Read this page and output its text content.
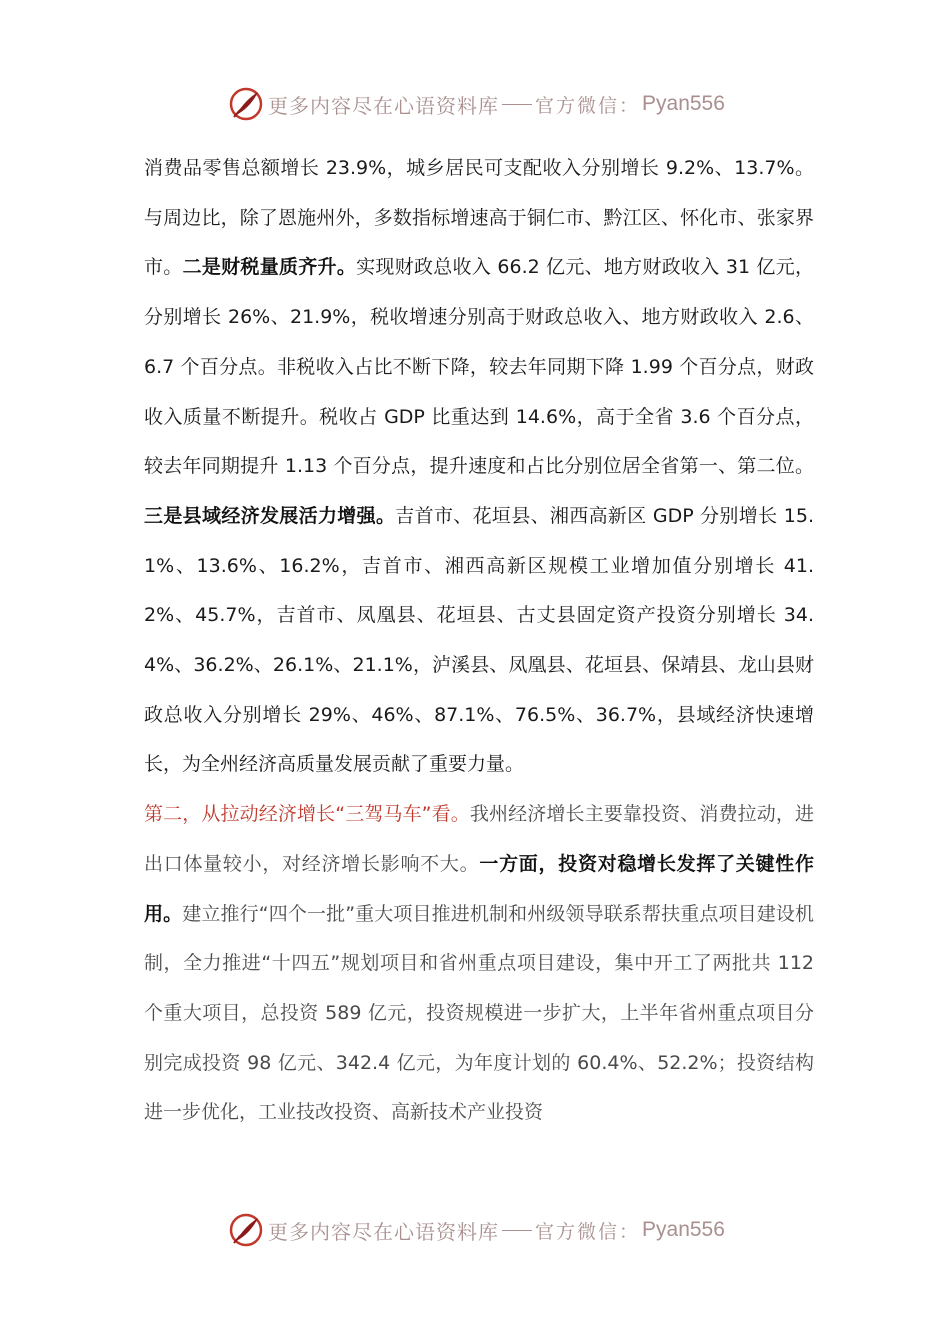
更多内容尽在心语资料库 官方微信： Pyan556

消费品零售总额增长 23.9%，城乡居民可支配收入分别增长 9.2%、13.7%。与周边比，除了恩施州外，多数指标增速高于铜仁市、黔江区、怀化市、张家界市。二是财税量质齐升。实现财政总收入 66.2 亿元、地方财政收入 31 亿元，分别增长 26%、21.9%，税收增速分别高于财政总收入、地方财政收入 2.6、6.7 个百分点。非税收入占比不断下降，较去年同期下降 1.99 个百分点，财政收入质量不断提升。税收占 GDP 比重达到 14.6%，高于全省 3.6 个百分点，较去年同期提升 1.13 个百分点，提升速度和占比分别位居全省第一、第二位。三是县域经济发展活力增强。吉首市、花垣县、湘西高新区 GDP 分别增长 15.1%、13.6%、16.2%，吉首市、湘西高新区规模工业增加值分别增长 41.2%、45.7%，吉首市、凤凰县、花垣县、古丈县固定资产投资分别增长 34.4%、36.2%、26.1%、21.1%，泸溪县、凤凰县、花垣县、保靖县、龙山县财政总收入分别增长 29%、46%、87.1%、76.5%、36.7%，县域经济快速增长，为全州经济高质量发展贡献了重要力量。

第二，从拉动经济增长“三驾马车”看。我州经济增长主要靠投资、消费拉动，进出口体量较小，对经济增长影响不大。一方面，投资对稳增长发挥了关键性作用。建立推行“四个一批”重大项目推进机制和州级领导联系帮扶重点项目建设机制，全力推进“十四五”规划项目和省州重点项目建设，集中开工了两批共 112 个重大项目，总投资 589 亿元，投资规模进一步扩大，上半年省州重点项目分别完成投资 98 亿元、342.4 亿元，为年度计划的 60.4%、52.2%；投资结构进一步优化，工业技改投资、高新技术产业投资

更多内容尽在心语资料库 官方微信： Pyan556
